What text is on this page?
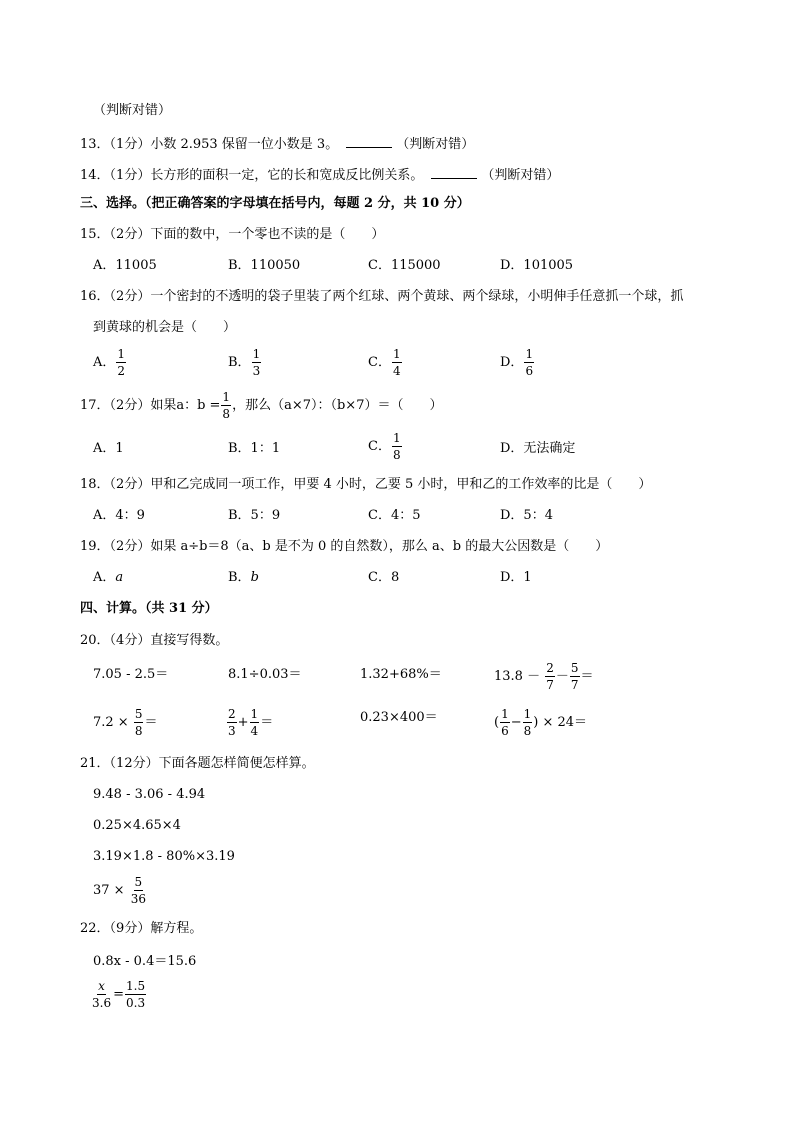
（判断对错）
13．（1分）小数 2.953 保留一位小数是 3。	（判断对错）
14．（1分）长方形的面积一定，它的长和宽成反比例关系。	（判断对错）
三、选择。（把正确答案的字母填在括号内，每题 2 分，共 10 分）
15．（2分）下面的数中，一个零也不读的是（　　）
A．11005	B．110050	C．115000	D．101005
16．（2分）一个密封的不透明的袋子里装了两个红球、两个黄球、两个绿球，小明伸手任意抓一个球，抓
到黄球的机会是（　　）
A． $\frac{1}{2}$	B． $\frac{1}{3}$	C． $\frac{1}{4}$	D． $\frac{1}{6}$
17．（2分）如果a：$b = \frac{1}{8}$ ，那么（a×7）：（b×7）＝（　　）
A．1	B．1：1	C． $\frac{1}{8}$	D．无法确定
18．（2分）甲和乙完成同一项工作，甲要 4 小时，乙要 5 小时，甲和乙的工作效率的比是（　　）
A．4：9	B．5：9	C．4：5	D．5：4
19．（2分）如果 a÷b＝8（a、b 是不为 0 的自然数），那么 a、b 的最大公因数是（　　）
A．a	B．b	C．8	D．1
四、计算。（共 31 分）
20．（4分）直接写得数。
7.05 - 2.5＝	8.1÷0.03＝	1.32+68%＝	$13.8 - \frac{2}{7} - \frac{5}{7}$ ＝
$7.2 \times \frac{5}{8}$ ＝	$\frac{2}{3} + \frac{1}{4}$ ＝	0.23×400＝	( $\frac{1}{6} - \frac{1}{8}$ ) × 24＝
21．（12分）下面各题怎样简便怎样算。
9.48 - 3.06 - 4.94
0.25×4.65×4
3.19×1.8 - 80%×3.19
$37 \times \frac{5}{36}$
22．（9分）解方程。
0.8x - 0.4＝15.6
$\frac{x}{3.6} = \frac{1.5}{0.3}$
